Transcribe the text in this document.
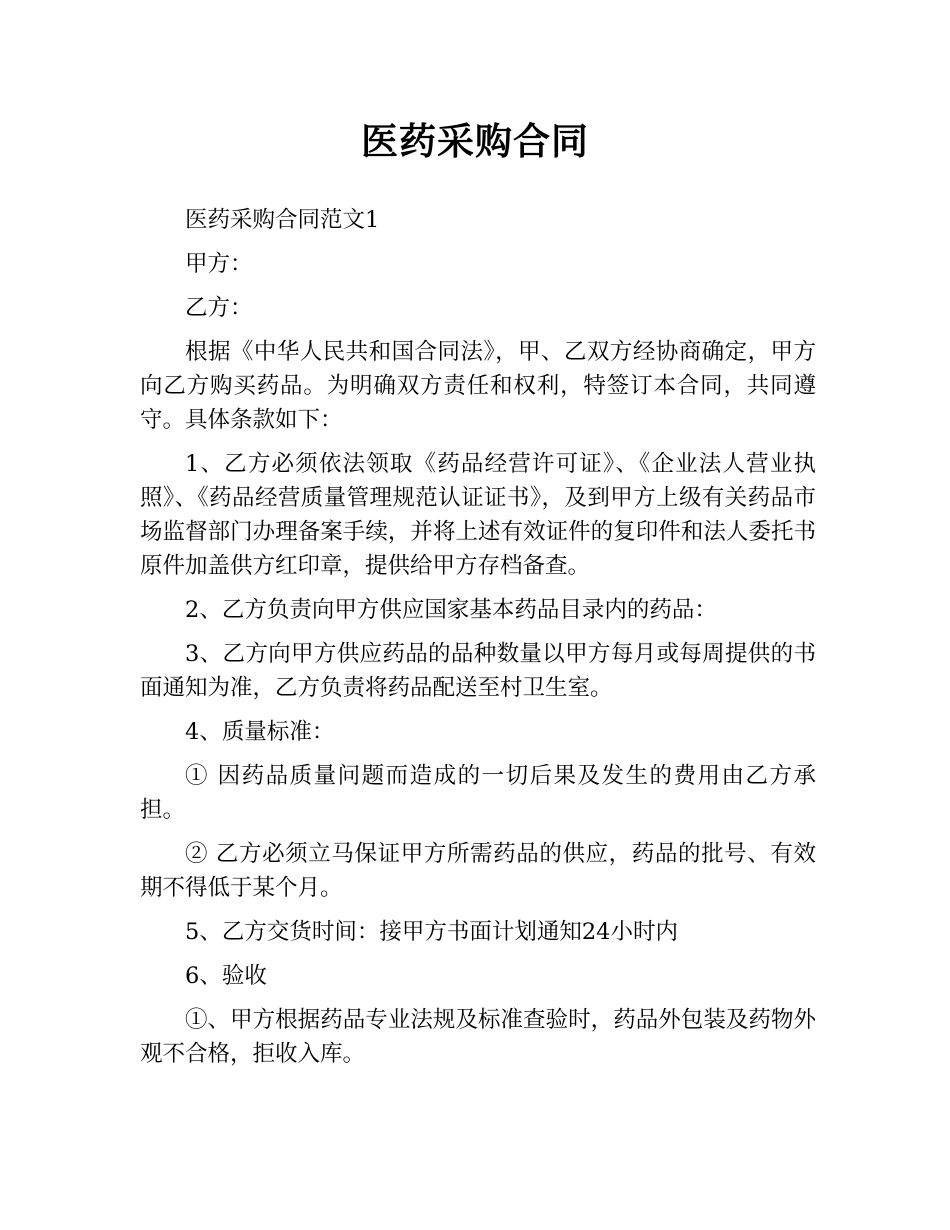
医药采购合同

医药采购合同范文1

甲方：

乙方：

根据《中华人民共和国合同法》，甲、乙双方经协商确定，甲方向乙方购买药品。为明确双方责任和权利，特签订本合同，共同遵守。具体条款如下：

1、乙方必须依法领取《药品经营许可证》、《企业法人营业执照》、《药品经营质量管理规范认证证书》，及到甲方上级有关药品市场监督部门办理备案手续，并将上述有效证件的复印件和法人委托书原件加盖供方红印章，提供给甲方存档备查。

2、乙方负责向甲方供应国家基本药品目录内的药品：

3、乙方向甲方供应药品的品种数量以甲方每月或每周提供的书面通知为准，乙方负责将药品配送至村卫生室。

4、质量标准：

① 因药品质量问题而造成的一切后果及发生的费用由乙方承担。

② 乙方必须立马保证甲方所需药品的供应，药品的批号、有效期不得低于某个月。

5、乙方交货时间：接甲方书面计划通知24小时内

6、验收

①、甲方根据药品专业法规及标准查验时，药品外包装及药物外观不合格，拒收入库。
